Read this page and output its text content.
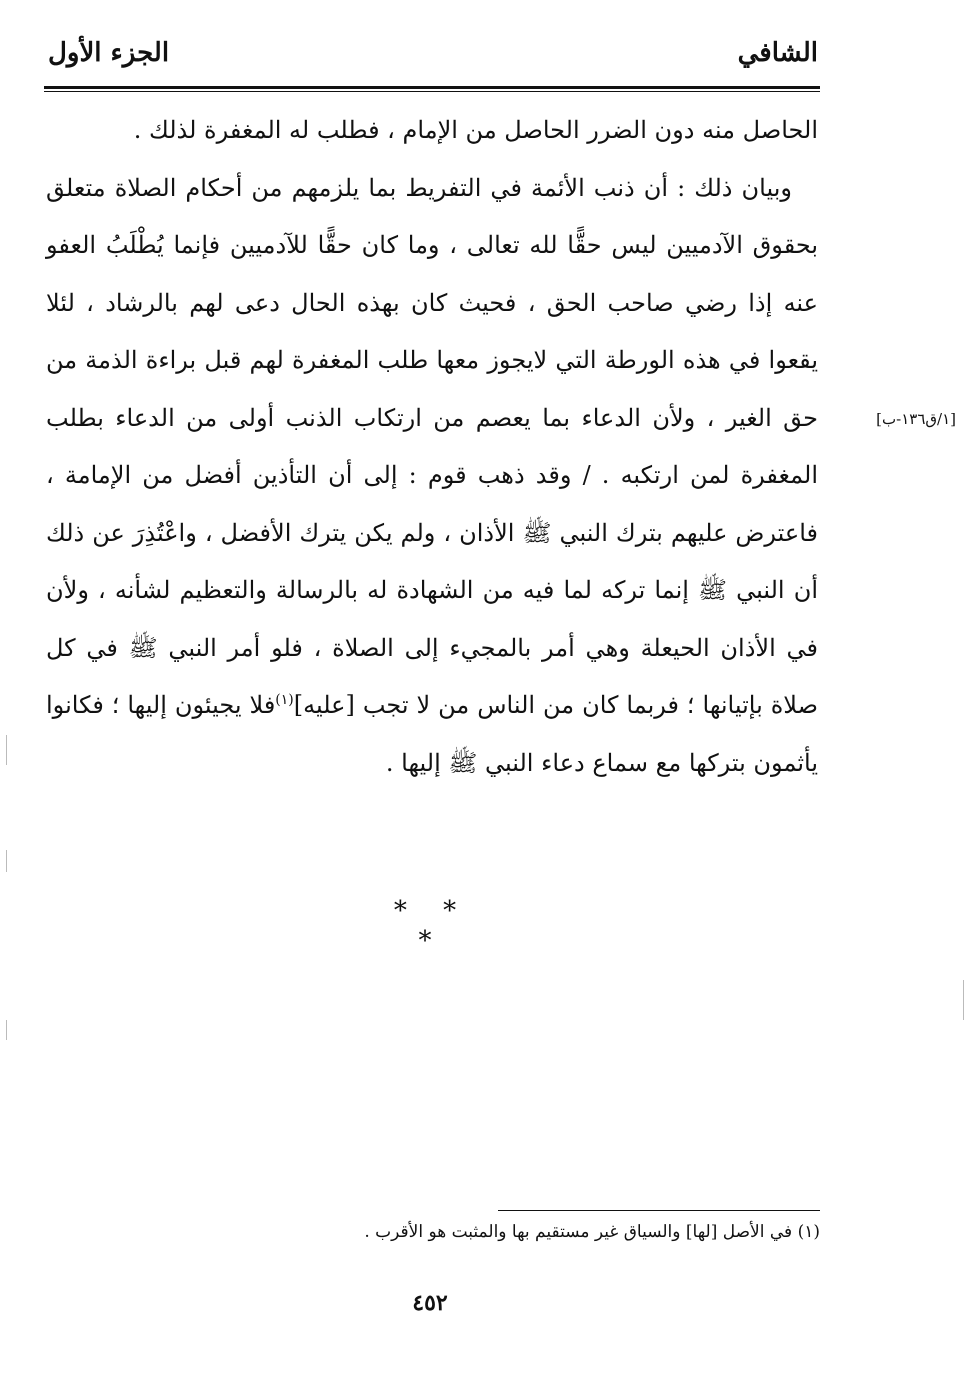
الشافي
الجزء الأول

الحاصل منه دون الضرر الحاصل من الإمام ، فطلب له المغفرة لذلك .

وبيان ذلك : أن ذنب الأئمة في التفريط بما يلزمهم من أحكام الصلاة متعلق بحقوق الآدميين ليس حقًّا لله تعالى ، وما كان حقًّا للآدميين فإنما يُطْلَبُ العفو عنه إذا رضي صاحب الحق ، فحيث كان بهذه الحال دعى لهم بالرشاد ، لئلا يقعوا في هذه الورطة التي لايجوز معها طلب المغفرة لهم قبل براءة الذمة من حق الغير ، ولأن الدعاء بما يعصم من ارتكاب الذنب أولى من الدعاء بطلب المغفرة لمن ارتكبه . / وقد ذهب قوم : إلى أن التأذين أفضل من الإمامة ، فاعترض عليهم بترك النبي ﷺ الأذان ، ولم يكن يترك الأفضل ، واعْتُذِرَ عن ذلك أن النبي ﷺ إنما تركه لما فيه من الشهادة له بالرسالة والتعظيم لشأنه ، ولأن في الأذان الحيعلة وهي أمر بالمجيء إلى الصلاة ، فلو أمر النبي ﷺ في كل صلاة بإتيانها ؛ فربما كان من الناس من لا تجب [عليه]$^{(١)}$فلا يجيئون إليها ؛ فكانوا يأثمون بتركها مع سماع دعاء النبي ﷺ إليها .

[١/ق١٣٦-ب]
* * *
(١) في الأصل [لها] والسياق غير مستقيم بها والمثبت هو الأقرب .
٤٥٢
